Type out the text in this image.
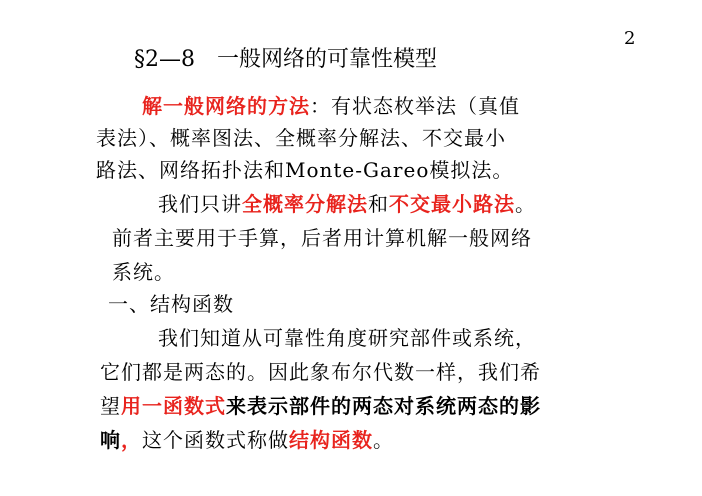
2
§2—8　一般网络的可靠性模型
解一般网络的方法：有状态枚举法（真值
表法）、概率图法、全概率分解法、不交最小
路法、网络拓扑法和Monte-Gareo模拟法。
我们只讲全概率分解法和不交最小路法。
前者主要用于手算，后者用计算机解一般网络
系统。
一、结构函数
我们知道从可靠性角度研究部件或系统，
它们都是两态的。因此象布尔代数一样，我们希
望用一函数式来表示部件的两态对系统两态的影
响，这个函数式称做结构函数。
